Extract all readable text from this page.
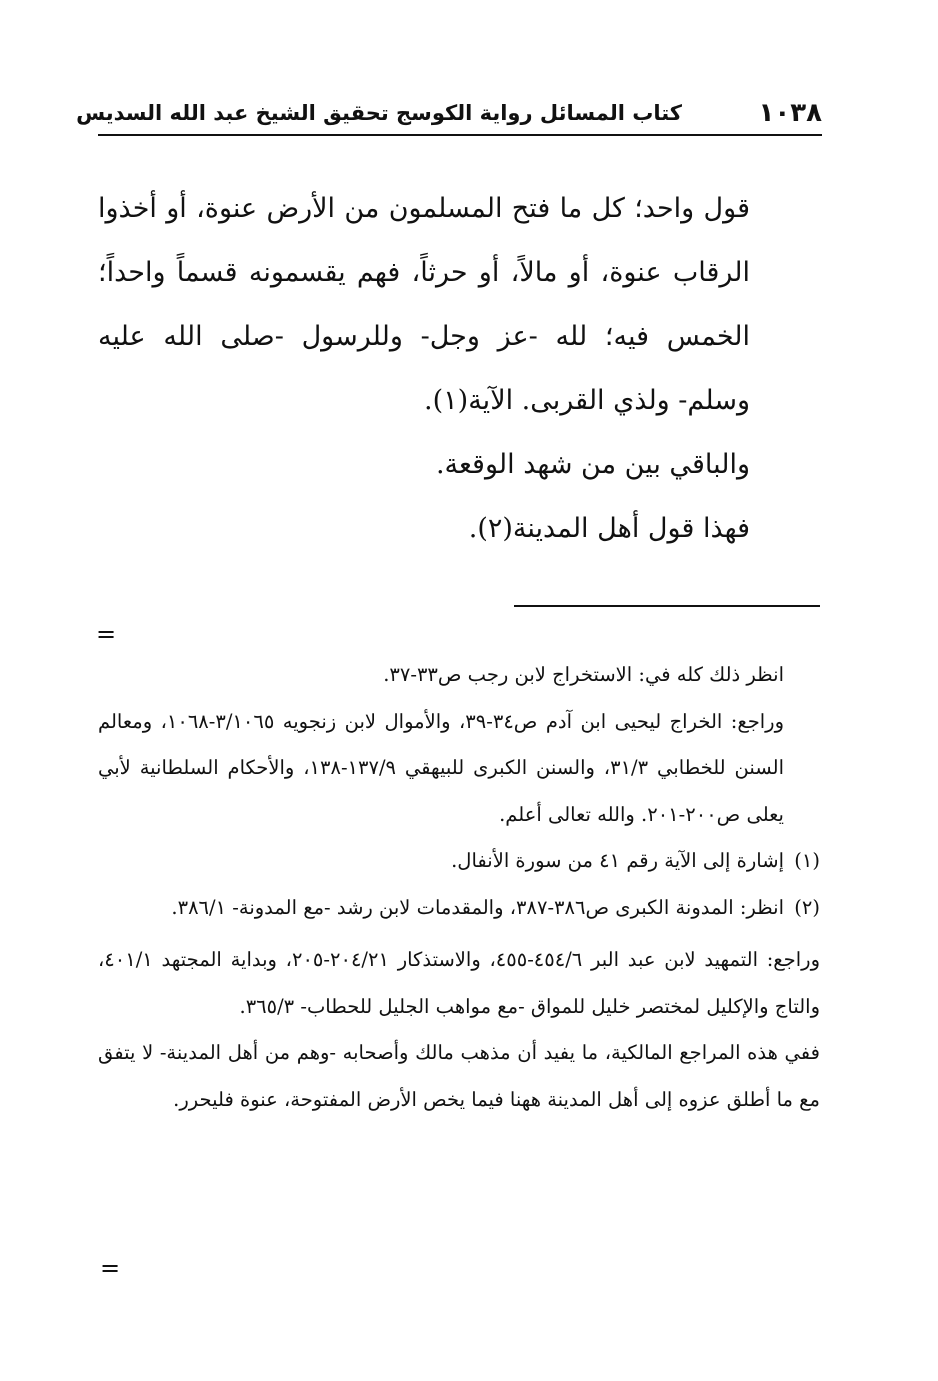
١٠٣٨
كتاب المسائل رواية الكوسج تحقيق الشيخ عبد الله السديس

قول واحد؛ كل ما فتح المسلمون من الأرض عنوة، أو أخذوا الرقاب عنوة، أو مالاً، أو حرثاً، فهم يقسمونه قسماً واحداً؛ الخمس فيه؛ لله -عز وجل- وللرسول -صلى الله عليه وسلم- ولذي القربى. الآية(١).

والباقي بين من شهد الوقعة.

فهذا قول أهل المدينة(٢).

=

انظر ذلك كله في: الاستخراج لابن رجب ص٣٣-٣٧.

وراجع: الخراج ليحيى ابن آدم ص٣٤-٣٩، والأموال لابن زنجويه ٣/١٠٦٥-١٠٦٨، ومعالم السنن للخطابي ٣١/٣، والسنن الكبرى للبيهقي ١٣٧/٩-١٣٨، والأحكام السلطانية لأبي يعلى ص٢٠٠-٢٠١. والله تعالى أعلم.

(١)
إشارة إلى الآية رقم ٤١ من سورة الأنفال.

(٢)
انظر: المدونة الكبرى ص٣٨٦-٣٨٧، والمقدمات لابن رشد -مع المدونة- ٣٨٦/١.

وراجع: التمهيد لابن عبد البر ٤٥٤/٦-٤٥٥، والاستذكار ٢٠٤/٢١-٢٠٥، وبداية المجتهد ٤٠١/١، والتاج والإكليل لمختصر خليل للمواق -مع مواهب الجليل للحطاب- ٣٦٥/٣.

ففي هذه المراجع المالكية، ما يفيد أن مذهب مالك وأصحابه -وهم من أهل المدينة- لا يتفق مع ما أطلق عزوه إلى أهل المدينة ههنا فيما يخص الأرض المفتوحة، عنوة فليحرر.

=
